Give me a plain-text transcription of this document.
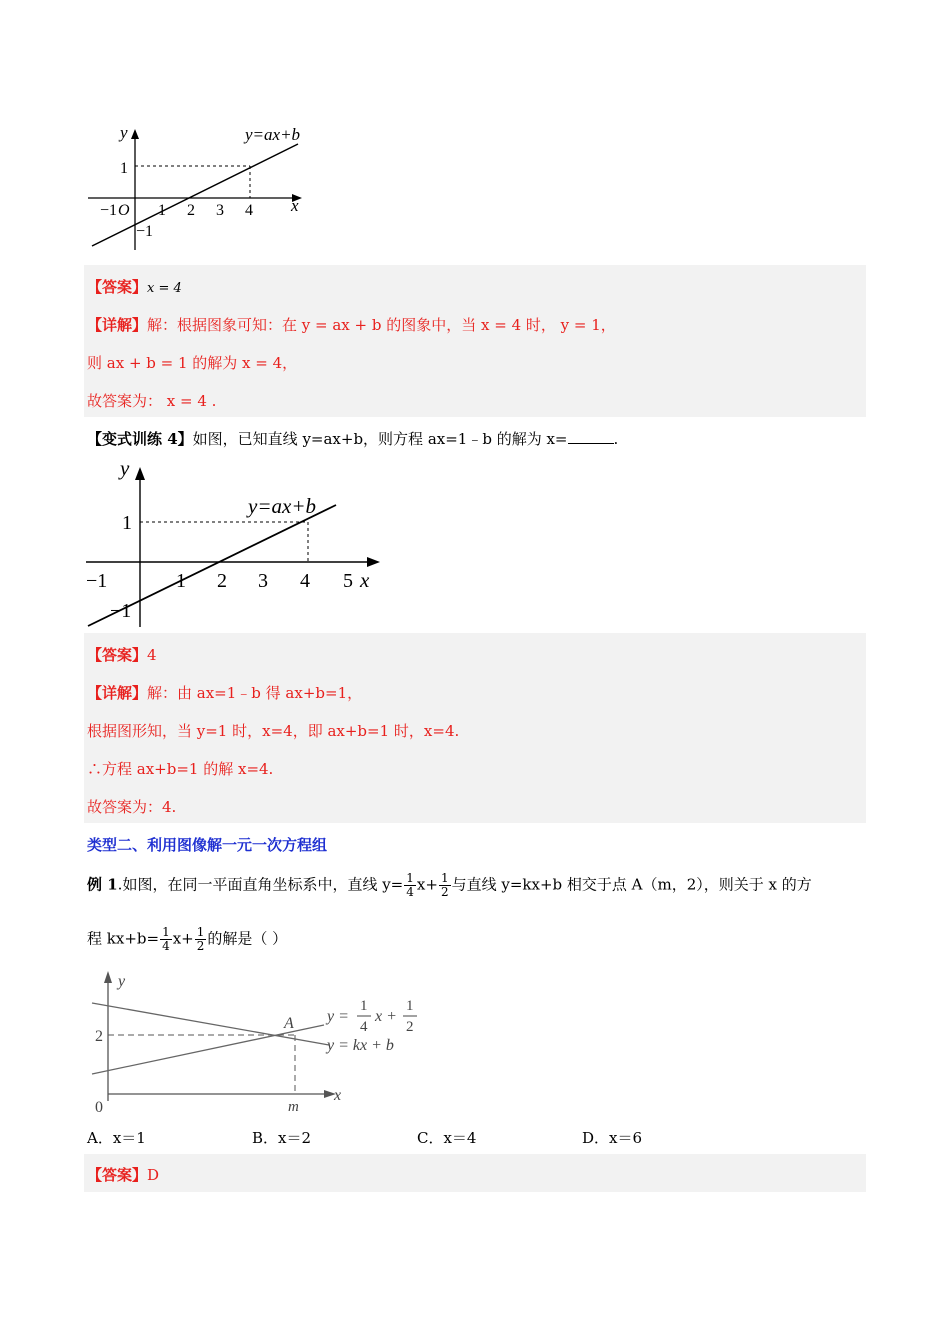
y
x
−1 O 1 2 3 4
1
−1
y=ax+b
【答案】x = 4
【详解】解：根据图象可知：在 y = ax + b 的图象中，当 x = 4 时， y = 1，
则 ax + b = 1 的解为 x = 4，
故答案为： x = 4 .
【变式训练 4】如图，已知直线 y=ax+b，则方程 ax=1﹣b 的解为 x=	.
y
x
−1	1 2 3 4 5
1
−1
y=ax+b
【答案】4
【详解】解：由 ax=1﹣b 得 ax+b=1，
根据图形知，当 y=1 时，x=4，即 ax+b=1 时，x=4.
∴方程 ax+b=1 的解 x=4.
故答案为：4.
类型二、利用图像解一元一次方程组
例 1.如图，在同一平面直角坐标系中，直线 $y= \frac{1}{4} x+ \frac{1}{2}$ 与直线 y=kx+b 相交于点 A（m，2），则关于 x 的方
程 $kx+b= \frac{1}{4} x+ \frac{1}{2}$ 的解是（ ）
y
x
0
2
m
A y =
1
4
x +
1
2
y = kx + b
A．x＝1	B．x＝2	C．x＝4	D．x＝6
【答案】D
